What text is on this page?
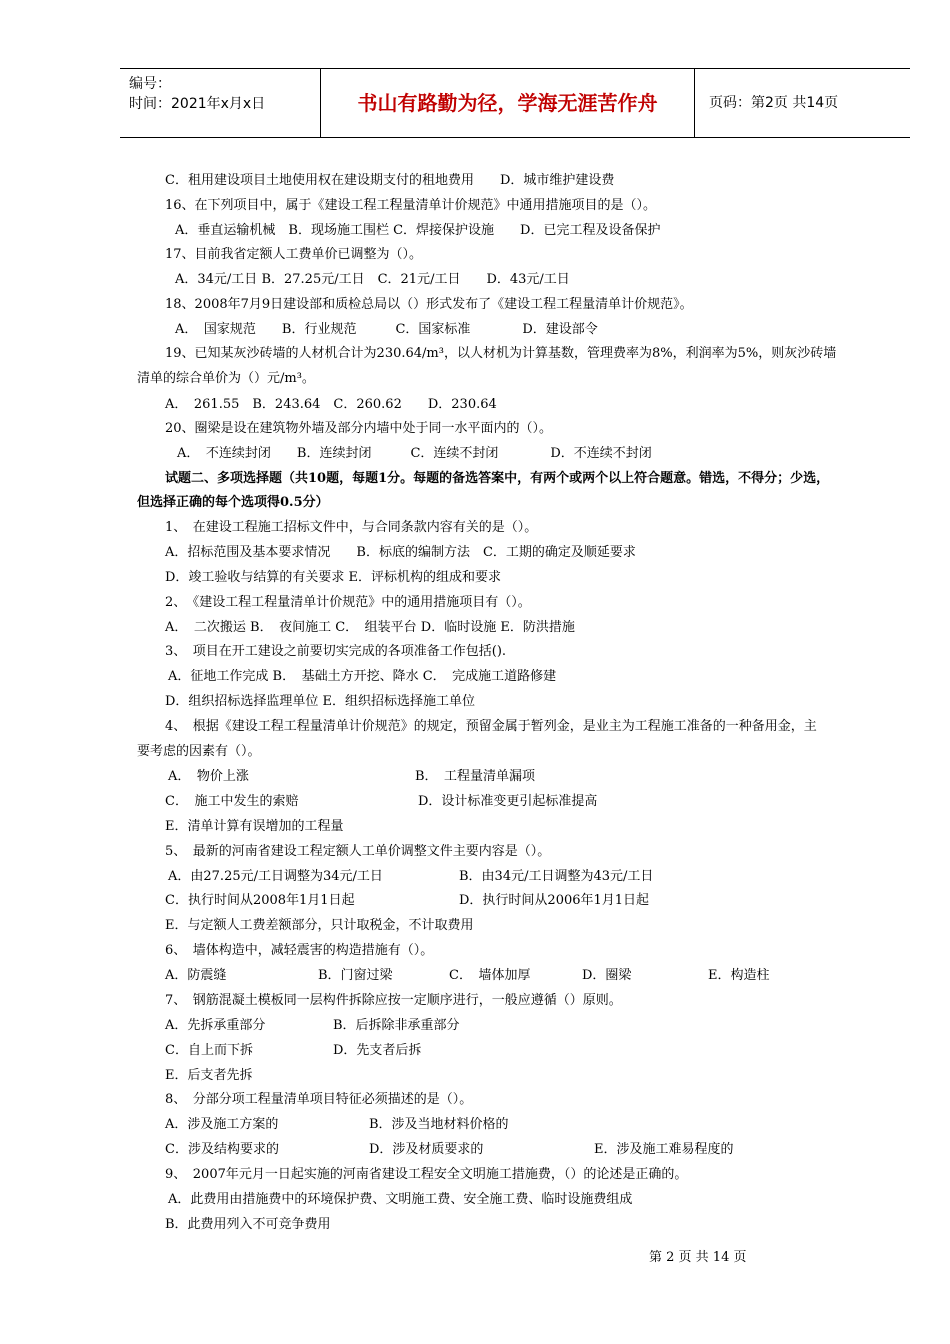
编号：
时间：2021年x月x日	书山有路勤为径，学海无涯苦作舟	页码：第2页 共14页
C．租用建设项目土地使用权在建设期支付的租地费用　　D．城市维护建设费
16、在下列项目中，属于《建设工程工程量清单计价规范》中通用措施项目的是（）。
A．垂直运输机械　B．现场施工围栏 C．焊接保护设施　　D．已完工程及设备保护
17、目前我省定额人工费单价已调整为（）。
A．34元/工日 B．27.25元/工日　C．21元/工日　　D．43元/工日
18、2008年7月9日建设部和质检总局以（）形式发布了《建设工程工程量清单计价规范》。
A．　国家规范　　B．行业规范　　　C．国家标准　　　　D．建设部令
19、已知某灰沙砖墙的人材机合计为230.64/m³，以人材机为计算基数，管理费率为8%，利润率为5%，则灰沙砖墙
清单的综合单价为（）元/m³。
A．　261.55　B．243.64　C．260.62　　D．230.64
20、圈梁是设在建筑物外墙及部分内墙中处于同一水平面内的（）。
A．　不连续封闭　　B．连续封闭　　　C．连续不封闭　　　　D．不连续不封闭
试题二、多项选择题（共10题，每题1分。每题的备选答案中，有两个或两个以上符合题意。错选，不得分；少选，
但选择正确的每个选项得0.5分）
1、　在建设工程施工招标文件中，与合同条款内容有关的是（）。
A．招标范围及基本要求情况　　B．标底的编制方法　C．工期的确定及顺延要求
D．竣工验收与结算的有关要求 E．评标机构的组成和要求
2、　《建设工程工程量清单计价规范》中的通用措施项目有（）。
A．　二次搬运 B．　夜间施工 C．　组装平台 D．临时设施 E．防洪措施
3、　项目在开工建设之前要切实完成的各项准备工作包括().
A．征地工作完成 B．　基础土方开挖、降水 C．　完成施工道路修建
D．组织招标选择监理单位 E．组织招标选择施工单位
4、　根据《建设工程工程量清单计价规范》的规定，预留金属于暂列金，是业主为工程施工准备的一种备用金，主
要考虑的因素有（）。
A．　物价上涨	B．　工程量清单漏项
C．　施工中发生的索赔	D．设计标准变更引起标准提高
E．清单计算有误增加的工程量
5、　最新的河南省建设工程定额人工单价调整文件主要内容是（）。
A．由27.25元/工日调整为34元/工日	B．由34元/工日调整为43元/工日
C．执行时间从2008年1月1日起	D．执行时间从2006年1月1日起
E．与定额人工费差额部分，只计取税金，不计取费用
6、　墙体构造中，减轻震害的构造措施有（）。
A．防震缝	B．门窗过梁	C．　墙体加厚	D．圈梁	E．构造柱
7、　钢筋混凝土模板同一层构件拆除应按一定顺序进行，一般应遵循（）原则。
A．先拆承重部分	B．后拆除非承重部分
C．自上而下拆	D．先支者后拆
E．后支者先拆
8、　分部分项工程量清单项目特征必须描述的是（）。
A．涉及施工方案的	B．涉及当地材料价格的
C．涉及结构要求的	D．涉及材质要求的	E．涉及施工难易程度的
9、　2007年元月一日起实施的河南省建设工程安全文明施工措施费，（）的论述是正确的。
A．此费用由措施费中的环境保护费、文明施工费、安全施工费、临时设施费组成
B．此费用列入不可竞争费用
第 2 页 共 14 页
